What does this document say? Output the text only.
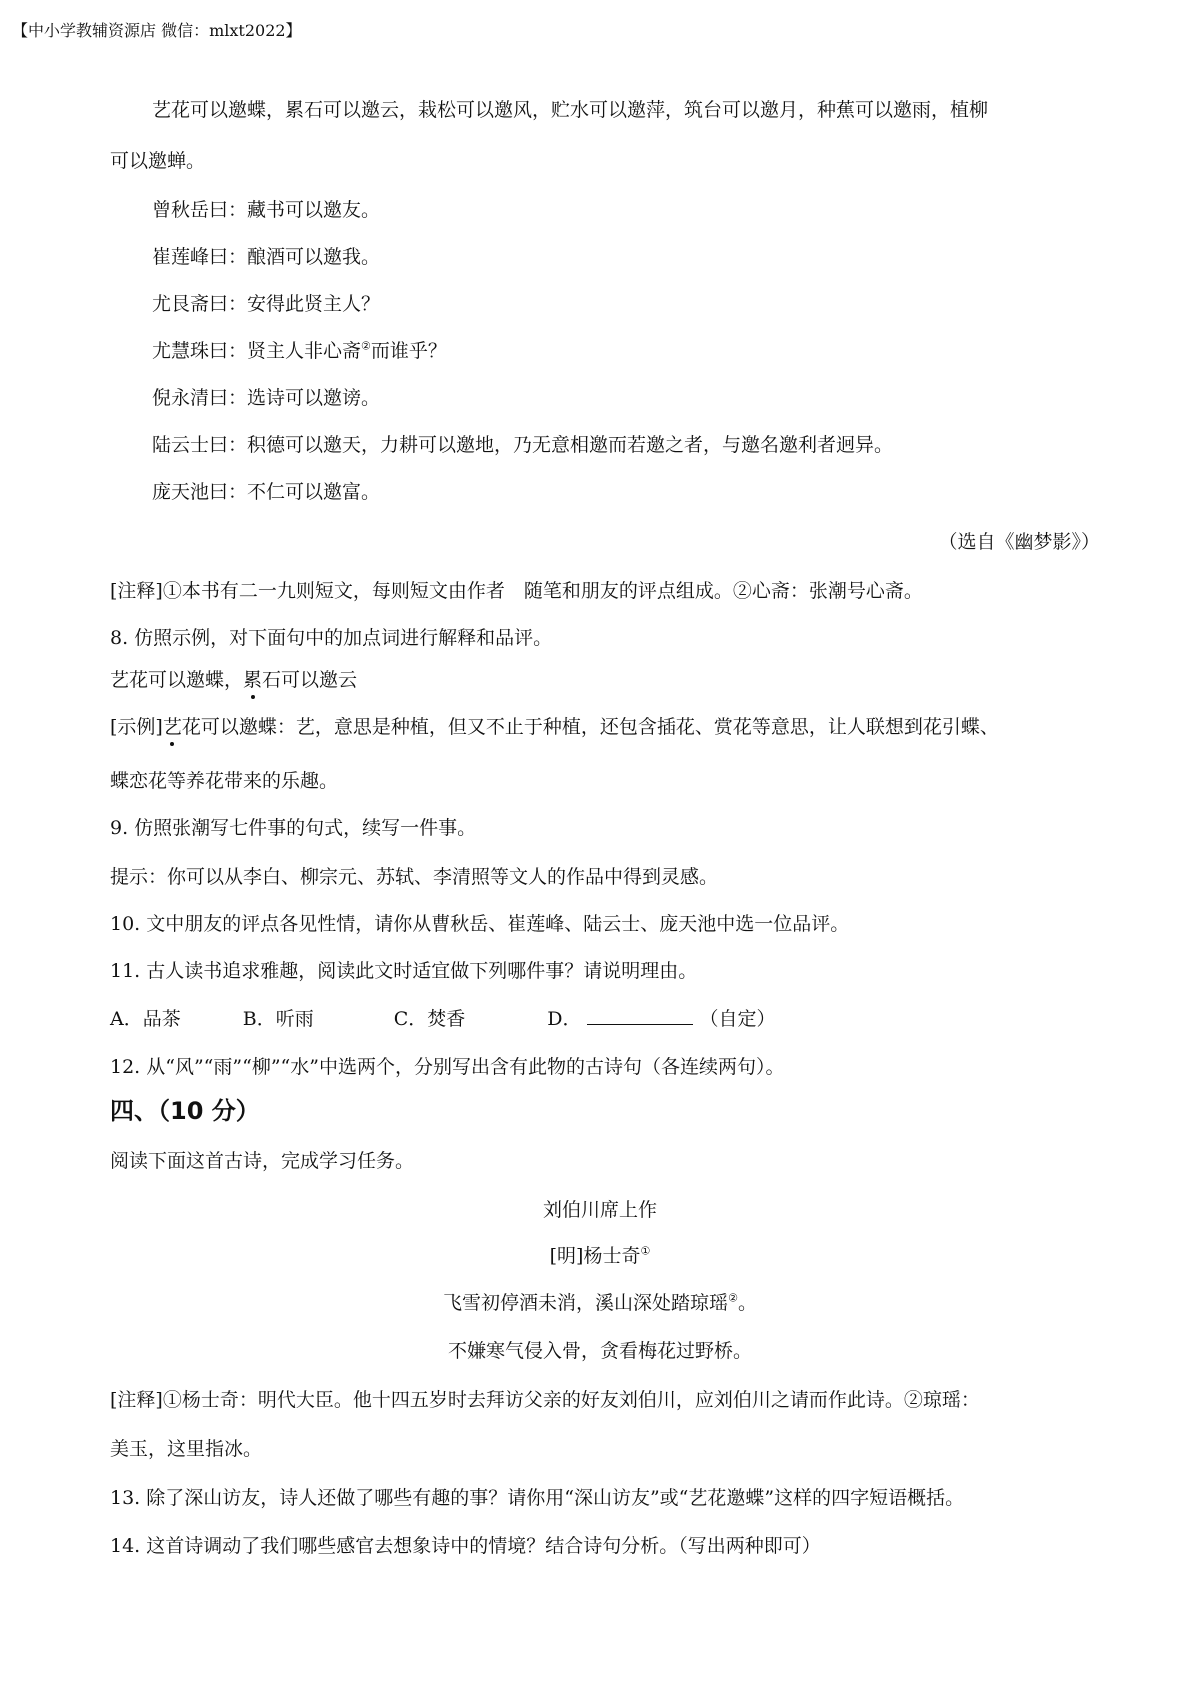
【中小学教辅资源店 微信：mlxt2022】
艺花可以邀蝶，累石可以邀云，栽松可以邀风，贮水可以邀萍，筑台可以邀月，种蕉可以邀雨，植柳
可以邀蝉。
曾秋岳曰：藏书可以邀友。
崔莲峰曰：酿酒可以邀我。
尤艮斋曰：安得此贤主人？
尤慧珠曰：贤主人非心斋②而谁乎？
倪永清曰：选诗可以邀谤。
陆云士曰：积德可以邀天，力耕可以邀地，乃无意相邀而若邀之者，与邀名邀利者迥异。
庞天池曰：不仁可以邀富。
（选自《幽梦影》）
[注释]①本书有二一九则短文，每则短文由作者　随笔和朋友的评点组成。②心斋：张潮号心斋。
8. 仿照示例，对下面句中的加点词进行解释和品评。
艺花可以邀蝶，累石可以邀云
[示例]艺花可以邀蝶：艺，意思是种植，但又不止于种植，还包含插花、赏花等意思，让人联想到花引蝶、
蝶恋花等养花带来的乐趣。
9. 仿照张潮写七件事的句式，续写一件事。
提示：你可以从李白、柳宗元、苏轼、李清照等文人的作品中得到灵感。
10. 文中朋友的评点各见性情，请你从曹秋岳、崔莲峰、陆云士、庞天池中选一位品评。
11. 古人读书追求雅趣，阅读此文时适宜做下列哪件事？请说明理由。
A．品茶	B．听雨	C．焚香	D．	（自定）
12. 从“风”“雨”“柳”“水”中选两个，分别写出含有此物的古诗句（各连续两句）。
四、（10 分）
阅读下面这首古诗，完成学习任务。
刘伯川席上作
[明]杨士奇①
飞雪初停酒未消，溪山深处踏琼瑶②。
不嫌寒气侵入骨，贪看梅花过野桥。
[注释]①杨士奇：明代大臣。他十四五岁时去拜访父亲的好友刘伯川，应刘伯川之请而作此诗。②琼瑶：
美玉，这里指冰。
13. 除了深山访友，诗人还做了哪些有趣的事？请你用“深山访友”或“艺花邀蝶”这样的四字短语概括。
14. 这首诗调动了我们哪些感官去想象诗中的情境？结合诗句分析。（写出两种即可）
